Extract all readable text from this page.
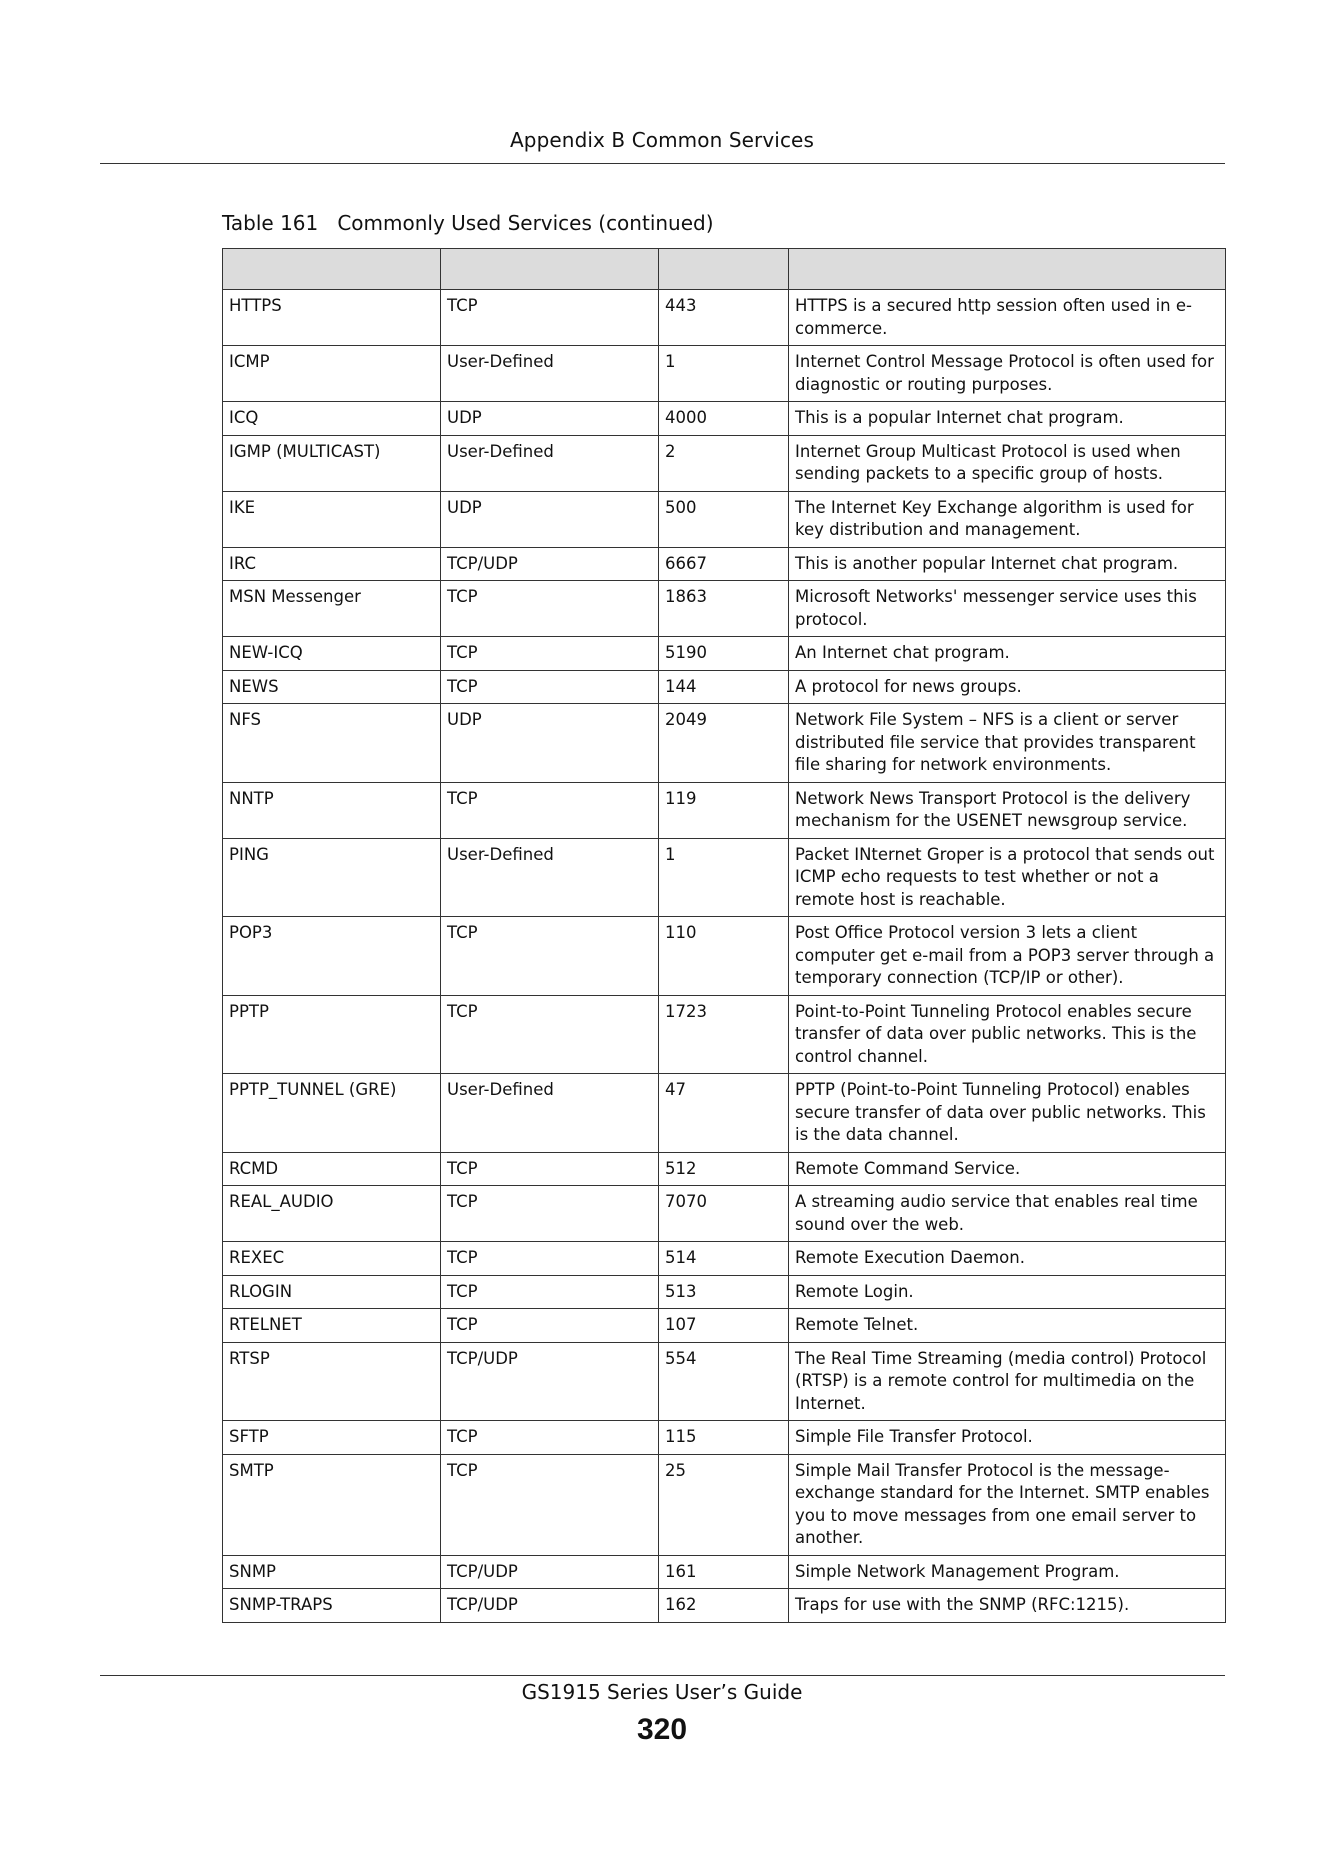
Appendix B Common Services
Table 161   Commonly Used Services (continued)

HTTPS	TCP	443	HTTPS is a secured http session often used in e-commerce.
ICMP	User-Defined	1	Internet Control Message Protocol is often used for diagnostic or routing purposes.
ICQ	UDP	4000	This is a popular Internet chat program.
IGMP (MULTICAST)	User-Defined	2	Internet Group Multicast Protocol is used when sending packets to a specific group of hosts.
IKE	UDP	500	The Internet Key Exchange algorithm is used for key distribution and management.
IRC	TCP/UDP	6667	This is another popular Internet chat program.
MSN Messenger	TCP	1863	Microsoft Networks' messenger service uses this protocol.
NEW-ICQ	TCP	5190	An Internet chat program.
NEWS	TCP	144	A protocol for news groups.
NFS	UDP	2049	Network File System – NFS is a client or server distributed file service that provides transparent file sharing for network environments.
NNTP	TCP	119	Network News Transport Protocol is the delivery mechanism for the USENET newsgroup service.
PING	User-Defined	1	Packet INternet Groper is a protocol that sends out ICMP echo requests to test whether or not a remote host is reachable.
POP3	TCP	110	Post Office Protocol version 3 lets a client computer get e-mail from a POP3 server through a temporary connection (TCP/IP or other).
PPTP	TCP	1723	Point-to-Point Tunneling Protocol enables secure transfer of data over public networks. This is the control channel.
PPTP_TUNNEL (GRE)	User-Defined	47	PPTP (Point-to-Point Tunneling Protocol) enables secure transfer of data over public networks. This is the data channel.
RCMD	TCP	512	Remote Command Service.
REAL_AUDIO	TCP	7070	A streaming audio service that enables real time sound over the web.
REXEC	TCP	514	Remote Execution Daemon.
RLOGIN	TCP	513	Remote Login.
RTELNET	TCP	107	Remote Telnet.
RTSP	TCP/UDP	554	The Real Time Streaming (media control) Protocol (RTSP) is a remote control for multimedia on the Internet.
SFTP	TCP	115	Simple File Transfer Protocol.
SMTP	TCP	25	Simple Mail Transfer Protocol is the message-exchange standard for the Internet. SMTP enables you to move messages from one email server to another.
SNMP	TCP/UDP	161	Simple Network Management Program.
SNMP-TRAPS	TCP/UDP	162	Traps for use with the SNMP (RFC:1215).
GS1915 Series User’s Guide
320
